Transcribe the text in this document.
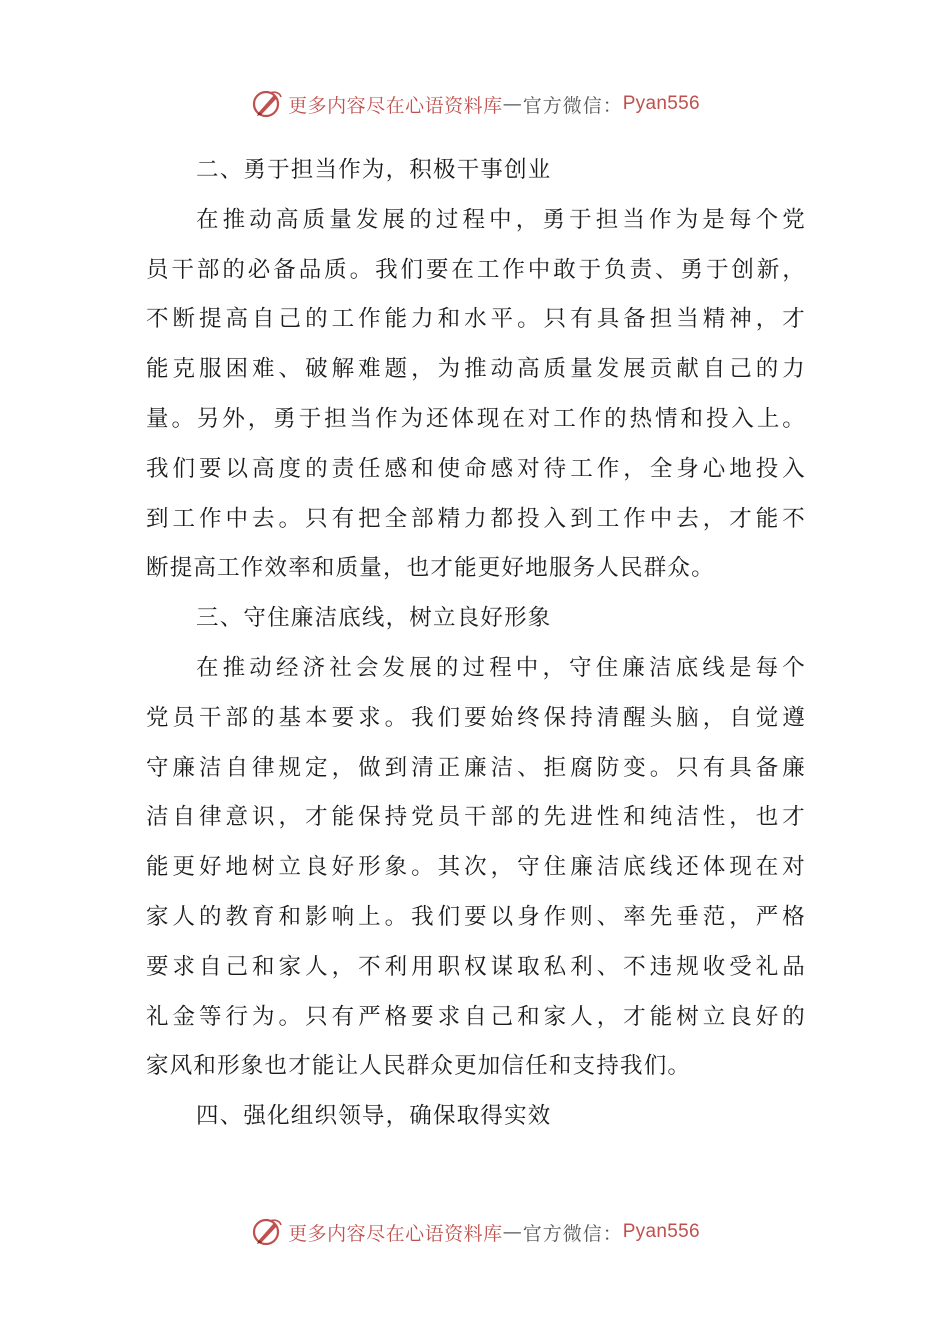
更多内容尽在心语资料库 — 官方微信： Pyan556
二、勇于担当作为，积极干事创业
在推动高质量发展的过程中，勇于担当作为是每个党
员干部的必备品质。我们要在工作中敢于负责、勇于创新，
不断提高自己的工作能力和水平。只有具备担当精神，才
能克服困难、破解难题，为推动高质量发展贡献自己的力
量。另外，勇于担当作为还体现在对工作的热情和投入上。
我们要以高度的责任感和使命感对待工作，全身心地投入
到工作中去。只有把全部精力都投入到工作中去，才能不
断提高工作效率和质量，也才能更好地服务人民群众。
三、守住廉洁底线，树立良好形象
在推动经济社会发展的过程中，守住廉洁底线是每个
党员干部的基本要求。我们要始终保持清醒头脑，自觉遵
守廉洁自律规定，做到清正廉洁、拒腐防变。只有具备廉
洁自律意识，才能保持党员干部的先进性和纯洁性，也才
能更好地树立良好形象。其次，守住廉洁底线还体现在对
家人的教育和影响上。我们要以身作则、率先垂范，严格
要求自己和家人，不利用职权谋取私利、不违规收受礼品
礼金等行为。只有严格要求自己和家人，才能树立良好的
家风和形象也才能让人民群众更加信任和支持我们。
四、强化组织领导，确保取得实效
更多内容尽在心语资料库 — 官方微信： Pyan556
